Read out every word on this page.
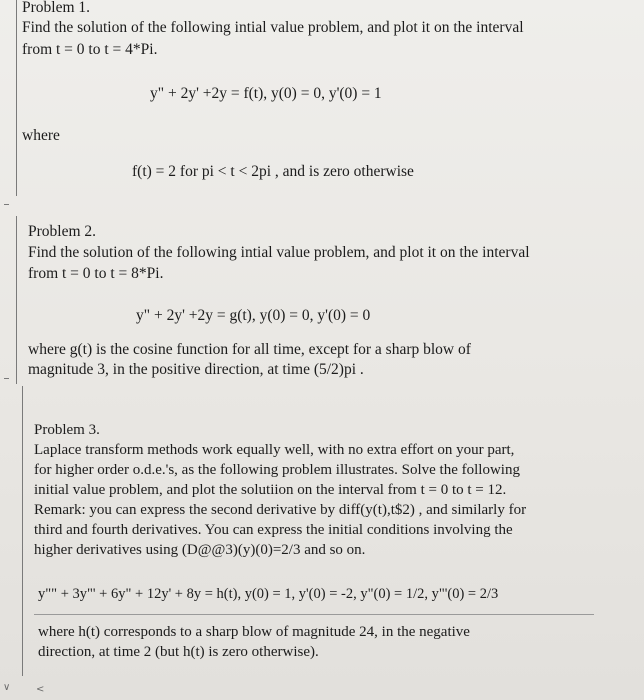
Problem 1.
Find the solution of the following intial value problem, and plot it on the interval
from t = 0 to t = 4*Pi.
y" + 2y' +2y = f(t), y(0) = 0, y'(0) = 1
where
f(t) = 2 for pi < t < 2pi , and is zero otherwise
Problem 2.
Find the solution of the following intial value problem, and plot it on the interval
from t = 0 to t = 8*Pi.
y" + 2y' +2y = g(t), y(0) = 0, y'(0) = 0
where g(t) is the cosine function for all time, except for a sharp blow of
magnitude 3, in the positive direction, at time (5/2)pi .
Problem 3.
Laplace transform methods work equally well, with no extra effort on your part,
for higher order o.d.e.'s, as the following problem illustrates. Solve the following
initial value problem, and plot the solutiion on the interval from t = 0 to t = 12.
Remark: you can express the second derivative by diff(y(t),t$2) , and similarly for
third and fourth derivatives. You can express the initial conditions involving the
higher derivatives using (D@@3)(y)(0)=2/3 and so on.
y"" + 3y"' + 6y" + 12y' + 8y = h(t), y(0) = 1, y'(0) = -2, y"(0) = 1/2, y"'(0) = 2/3
where h(t) corresponds to a sharp blow of magnitude 24, in the negative
direction, at time 2 (but h(t) is zero otherwise).
∨	<
